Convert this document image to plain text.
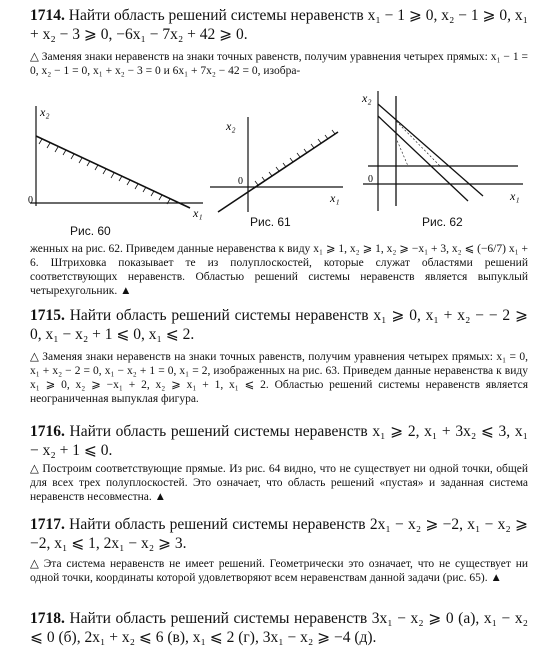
1714. Найти область решений системы неравенств x₁ − 1 ⩾ 0, x₂ − 1 ⩾ 0, x₁ + x₂ − 3 ⩾ 0, −6x₁ − 7x₂ + 42 ⩾ 0.

△ Заменяя знаки неравенств на знаки точных равенств, получим уравнения четырех прямых: x₁ − 1 = 0, x₂ − 1 = 0, x₁ + x₂ − 3 = 0 и 6x₁ + 7x₂ − 42 = 0, изобра-

x₂
x₁
0
Рис. 60
x₂
x₁
0
Рис. 61
x₂
x₁
0
Рис. 62

женных на рис. 62. Приведем данные неравенства к виду x₁ ⩾ 1, x₂ ⩾ 1, x₂ ⩾ −x₁ + 3, x₂ ⩽ (−6/7) x₁ + 6. Штриховка показывает те из полуплоскостей, которые служат областями решений соответствующих неравенств. Областью решений системы неравенств является выпуклый четырехугольник. ▲

1715. Найти область решений системы неравенств x₁ ⩾ 0, x₁ + x₂ − − 2 ⩾ 0, x₁ − x₂ + 1 ⩽ 0, x₁ ⩽ 2.

△ Заменяя знаки неравенств на знаки точных равенств, получим уравнения четырех прямых: x₁ = 0, x₁ + x₂ − 2 = 0, x₁ − x₂ + 1 = 0, x₁ = 2, изображенных на рис. 63. Приведем данные неравенства к виду x₁ ⩾ 0, x₂ ⩾ −x₁ + 2, x₂ ⩾ x₁ + 1, x₁ ⩽ 2. Областью решений системы неравенств является неограниченная выпуклая фигура.

1716. Найти область решений системы неравенств x₁ ⩾ 2, x₁ + 3x₂ ⩽ 3, x₁ − x₂ + 1 ⩽ 0.

△ Построим соответствующие прямые. Из рис. 64 видно, что не существует ни одной точки, общей для всех трех полуплоскостей. Это означает, что область решений «пустая» и заданная система неравенств несовместна. ▲

1717. Найти область решений системы неравенств 2x₁ − x₂ ⩾ −2, x₁ − x₂ ⩾ −2, x₁ ⩽ 1, 2x₁ − x₂ ⩾ 3.

△ Эта система неравенств не имеет решений. Геометрически это означает, что не существует ни одной точки, координаты которой удовлетворяют всем неравенствам данной задачи (рис. 65). ▲

1718. Найти область решений системы неравенств 3x₁ − x₂ ⩾ 0 (а), x₁ − x₂ ⩽ 0 (б), 2x₁ + x₂ ⩽ 6 (в), x₁ ⩽ 2 (г), 3x₁ − x₂ ⩾ −4 (д).
